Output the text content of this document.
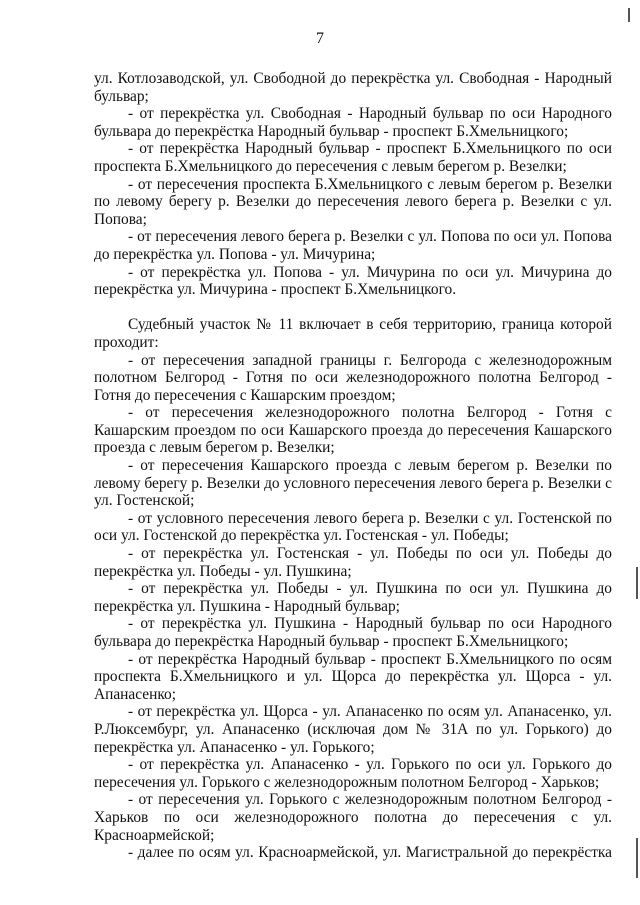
7

ул. Котлозаводской, ул. Свободной до перекрёстка ул. Свободная - Народный бульвар;

- от перекрёстка ул. Свободная - Народный бульвар по оси Народного бульвара до перекрёстка Народный бульвар - проспект Б.Хмельницкого;

- от перекрёстка Народный бульвар - проспект Б.Хмельницкого по оси проспекта Б.Хмельницкого до пересечения с левым берегом р. Везелки;

- от пересечения проспекта Б.Хмельницкого с левым берегом р. Везелки по левому берегу р. Везелки до пересечения левого берега р. Везелки с ул. Попова;

- от пересечения левого берега р. Везелки с ул. Попова по оси ул. Попова до перекрёстка ул. Попова - ул. Мичурина;

- от перекрёстка ул. Попова - ул. Мичурина по оси ул. Мичурина до перекрёстка ул. Мичурина - проспект Б.Хмельницкого.

Судебный участок № 11 включает в себя территорию, граница которой проходит:

- от пересечения западной границы г. Белгорода с железнодорожным полотном Белгород - Готня по оси железнодорожного полотна Белгород - Готня до пересечения с Кашарским проездом;

- от пересечения железнодорожного полотна Белгород - Готня с Кашарским проездом по оси Кашарского проезда до пересечения Кашарского проезда с левым берегом р. Везелки;

- от пересечения Кашарского проезда с левым берегом р. Везелки по левому берегу р. Везелки до условного пересечения левого берега р. Везелки с ул. Гостенской;

- от условного пересечения левого берега р. Везелки с ул. Гостенской по оси ул. Гостенской до перекрёстка ул. Гостенская - ул. Победы;

- от перекрёстка ул. Гостенская - ул. Победы по оси ул. Победы до перекрёстка ул. Победы - ул. Пушкина;

- от перекрёстка ул. Победы - ул. Пушкина по оси ул. Пушкина до перекрёстка ул. Пушкина - Народный бульвар;

- от перекрёстка ул. Пушкина - Народный бульвар по оси Народного бульвара до перекрёстка Народный бульвар - проспект Б.Хмельницкого;

- от перекрёстка Народный бульвар - проспект Б.Хмельницкого по осям проспекта Б.Хмельницкого и ул. Щорса до перекрёстка ул. Щорса - ул. Апанасенко;

- от перекрёстка ул. Щорса - ул. Апанасенко по осям ул. Апанасенко, ул. Р.Люксембург, ул. Апанасенко (исключая дом № 31А по ул. Горького) до перекрёстка ул. Апанасенко - ул. Горького;

- от перекрёстка ул. Апанасенко - ул. Горького по оси ул. Горького до пересечения ул. Горького с железнодорожным полотном Белгород - Харьков;

- от пересечения ул. Горького с железнодорожным полотном Белгород - Харьков по оси железнодорожного полотна до пересечения с ул. Красноармейской;

- далее по осям ул. Красноармейской, ул. Магистральной до перекрёстка
